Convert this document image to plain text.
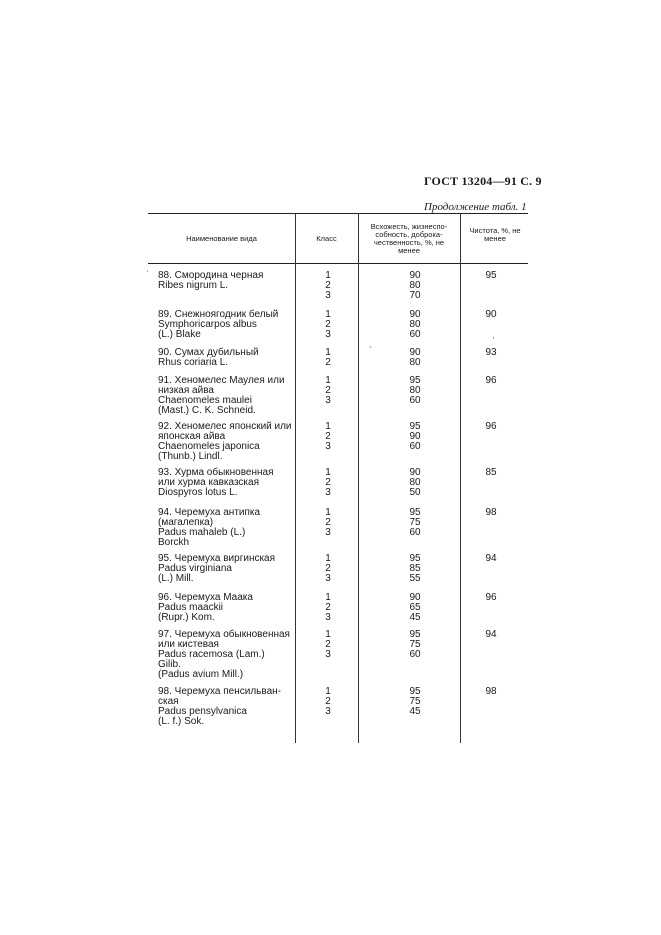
ГОСТ 13204—91 С. 9
Продолжение табл. 1
Наименование вида	Класс
Всхожесть, жизнеспо-собность, доброка-чественность, %, не менее
Чистота, %, не менее
88. Смородина черная
Ribes nigrum L.
1
2
3
90
80
70
95
89. Снежноягодник белый
Symphoricarpos albus
(L.) Blake
1
2
3
90
80
60
90
90. Сумах дубильный
Rhus coriaria L.
1
2
90
80
93
91. Хеномелес Маулея или
низкая айва
Chaenomeles maulei
(Mast.) C. K. Schneid.
1
2
3
95
80
60
96
92. Хеномелес японский или
японская айва
Chaenomeles japonica
(Thunb.) Lindl.
1
2
3
95
90
60
96
93. Хурма обыкновенная
или хурма кавказская
Diospyros lotus L.
1
2
3
90
80
50
85
94. Черемуха антипка
(магалепка)
Padus mahaleb (L.)
Borckh
1
2
3
95
75
60
98
95. Черемуха виргинская
Padus virginiana
(L.) Mill.
1
2
3
95
85
55
94
96. Черемуха Маака
Padus maackii
(Rupr.) Kom.
1
2
3
90
65
45
96
97. Черемуха обыкновенная
или кистевая
Padus racemosa (Lam.)
Gilib.
(Padus avium Mill.)
1
2
3
95
75
60
94
98. Черемуха пенсильван-
ская
Padus pensylvanica
(L. f.) Sok.
1
2
3
95
75
45
98
ˈ
ˋ
·
